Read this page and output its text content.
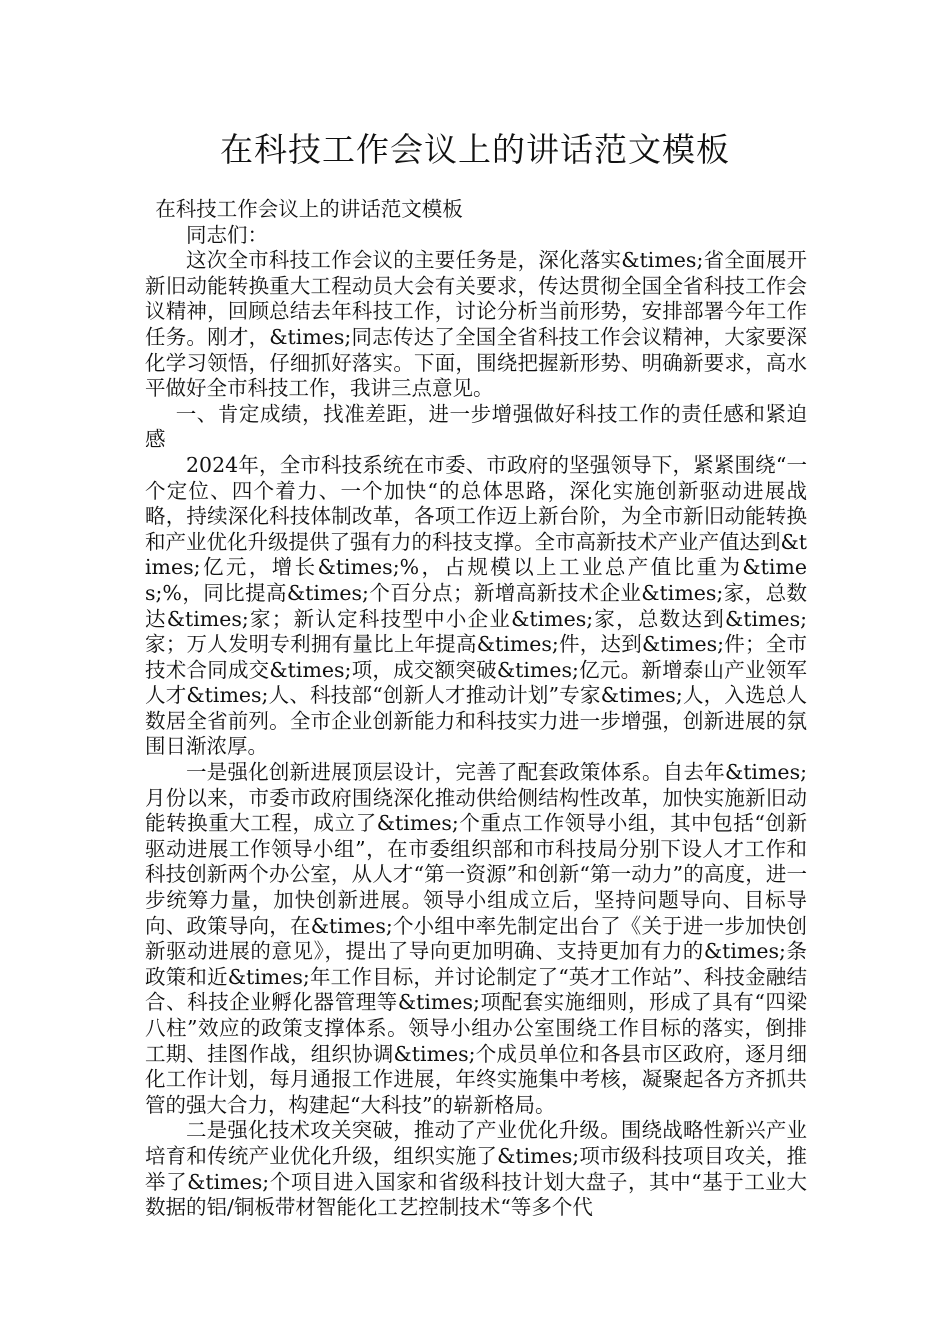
在科技工作会议上的讲话范文模板

在科技工作会议上的讲话范文模板

同志们：

这次全市科技工作会议的主要任务是，深化落实&times;省全面展开新旧动能转换重大工程动员大会有关要求，传达贯彻全国全省科技工作会议精神，回顾总结去年科技工作，讨论分析当前形势，安排部署今年工作任务。刚才，&times;同志传达了全国全省科技工作会议精神，大家要深化学习领悟，仔细抓好落实。下面，围绕把握新形势、明确新要求，高水平做好全市科技工作，我讲三点意见。

一、肯定成绩，找准差距，进一步增强做好科技工作的责任感和紧迫感

2024年，全市科技系统在市委、市政府的坚强领导下，紧紧围绕“一个定位、四个着力、一个加快“的总体思路，深化实施创新驱动进展战略，持续深化科技体制改革，各项工作迈上新台阶，为全市新旧动能转换和产业优化升级提供了强有力的科技支撑。全市高新技术产业产值达到&times;亿元，增长&times;%，占规模以上工业总产值比重为&times;%，同比提高&times;个百分点；新增高新技术企业&times;家，总数达&times;家；新认定科技型中小企业&times;家，总数达到&times;家；万人发明专利拥有量比上年提高&times;件，达到&times;件；全市技术合同成交&times;项，成交额突破&times;亿元。新增泰山产业领军人才&times;人、科技部“创新人才推动计划”专家&times;人，入选总人数居全省前列。全市企业创新能力和科技实力进一步增强，创新进展的氛围日渐浓厚。

一是强化创新进展顶层设计，完善了配套政策体系。自去年&times;月份以来，市委市政府围绕深化推动供给侧结构性改革，加快实施新旧动能转换重大工程，成立了&times;个重点工作领导小组，其中包括“创新驱动进展工作领导小组”，在市委组织部和市科技局分别下设人才工作和科技创新两个办公室，从人才“第一资源”和创新“第一动力”的高度，进一步统筹力量，加快创新进展。领导小组成立后，坚持问题导向、目标导向、政策导向，在&times;个小组中率先制定出台了《关于进一步加快创新驱动进展的意见》，提出了导向更加明确、支持更加有力的&times;条政策和近&times;年工作目标，并讨论制定了“英才工作站”、科技金融结合、科技企业孵化器管理等&times;项配套实施细则，形成了具有“四梁八柱”效应的政策支撑体系。领导小组办公室围绕工作目标的落实，倒排工期、挂图作战，组织协调&times;个成员单位和各县市区政府，逐月细化工作计划，每月通报工作进展，年终实施集中考核，凝聚起各方齐抓共管的强大合力，构建起“大科技”的崭新格局。

二是强化技术攻关突破，推动了产业优化升级。围绕战略性新兴产业培育和传统产业优化升级，组织实施了&times;项市级科技项目攻关，推举了&times;个项目进入国家和省级科技计划大盘子，其中“基于工业大数据的铝/铜板带材智能化工艺控制技术“等多个代
